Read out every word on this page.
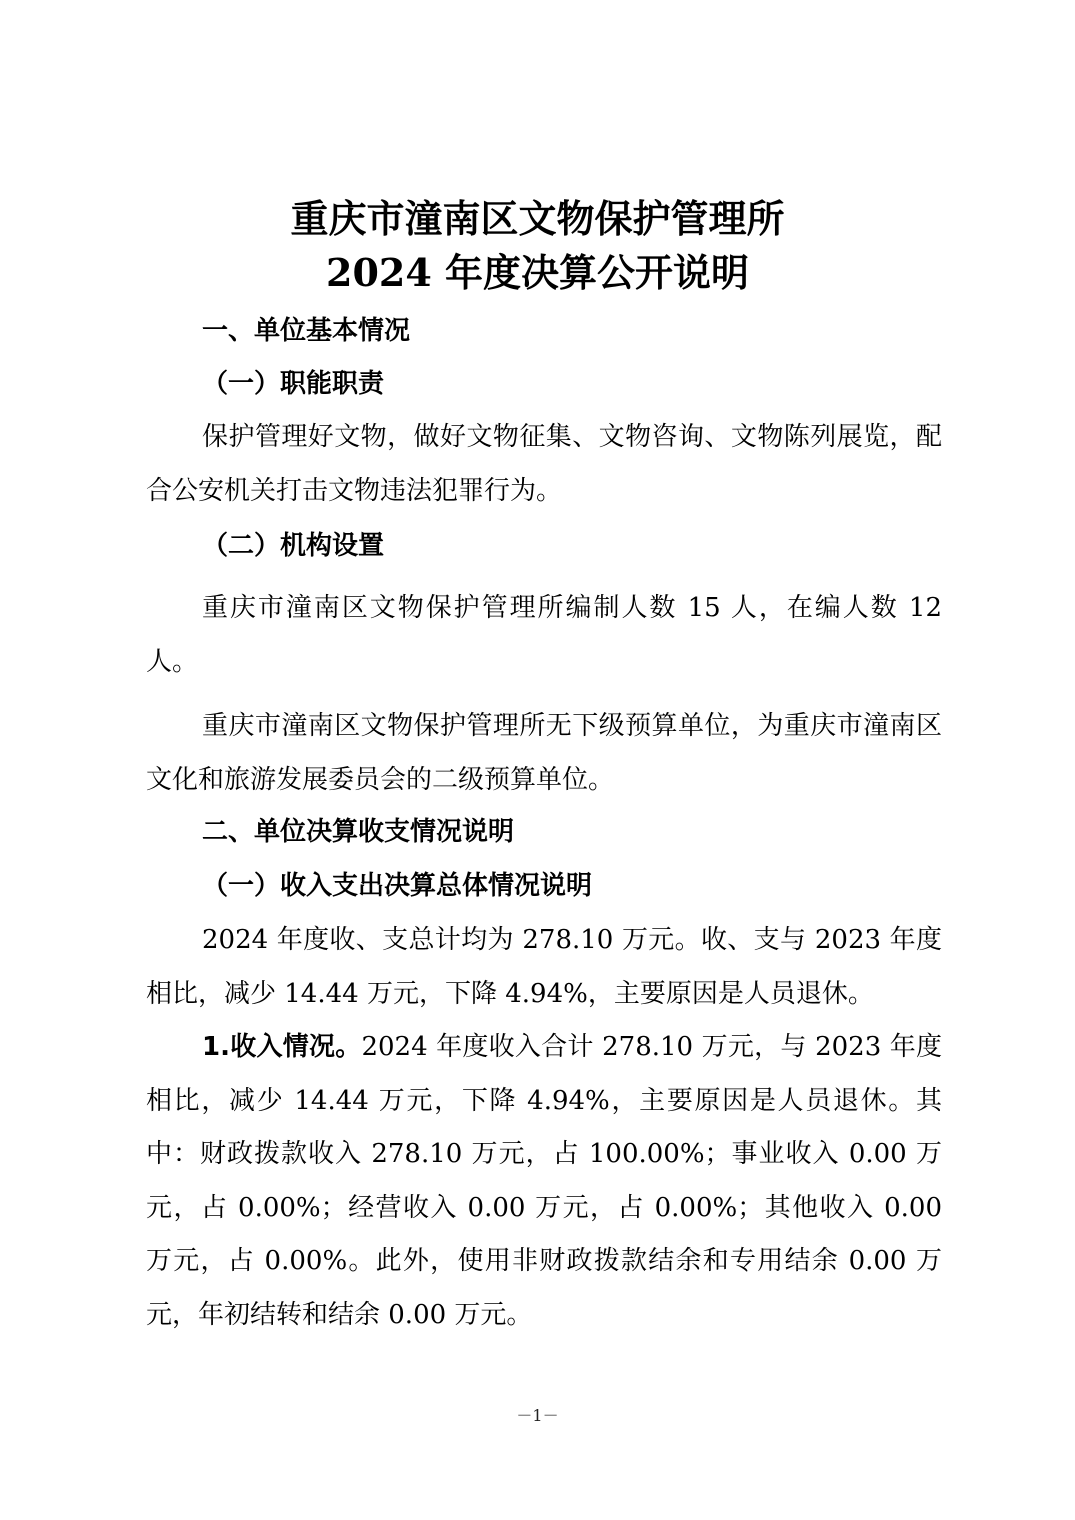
重庆市潼南区文物保护管理所
2024 年度决算公开说明
一、单位基本情况
（一）职能职责

保护管理好文物，做好文物征集、文物咨询、文物陈列展览，配合公安机关打击文物违法犯罪行为。

（二）机构设置

重庆市潼南区文物保护管理所编制人数 15 人，在编人数 12 人。

重庆市潼南区文物保护管理所无下级预算单位，为重庆市潼南区文化和旅游发展委员会的二级预算单位。

二、单位决算收支情况说明
（一）收入支出决算总体情况说明

2024 年度收、支总计均为 278.10 万元。收、支与 2023 年度相比，减少 14.44 万元，下降 4.94%，主要原因是人员退休。

1.收入情况。2024 年度收入合计 278.10 万元，与 2023 年度相比，减少 14.44 万元，下降 4.94%，主要原因是人员退休。其中：财政拨款收入 278.10 万元，占 100.00%；事业收入 0.00 万元，占 0.00%；经营收入 0.00 万元，占 0.00%；其他收入 0.00 万元，占 0.00%。此外，使用非财政拨款结余和专用结余 0.00 万元，年初结转和结余 0.00 万元。

－1－
